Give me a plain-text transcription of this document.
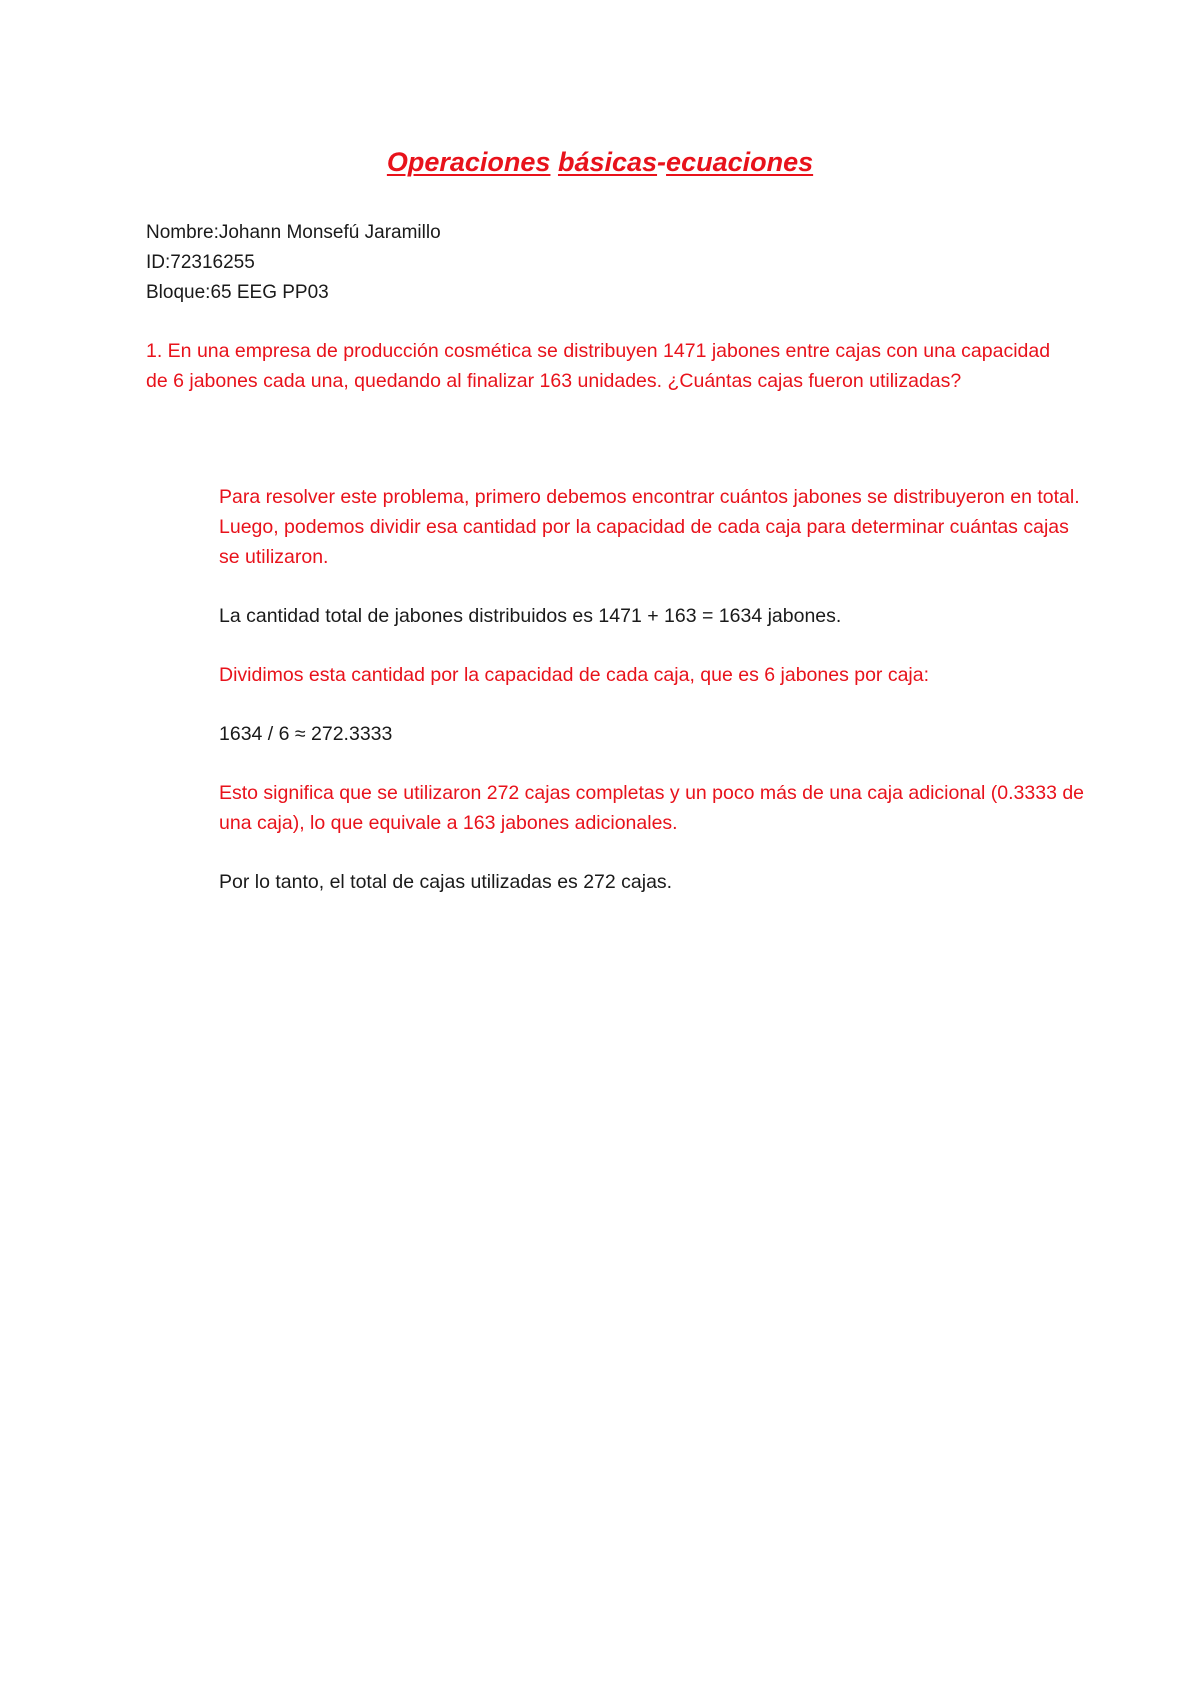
Operaciones básicas-ecuaciones
Nombre:Johann Monsefú Jaramillo
ID:72316255
Bloque:65 EEG PP03

1. En una empresa de producción cosmética se distribuyen 1471 jabones entre cajas con una capacidad de 6 jabones cada una, quedando al finalizar 163 unidades. ¿Cuántas cajas fueron utilizadas?

Para resolver este problema, primero debemos encontrar cuántos jabones se distribuyeron en total. Luego, podemos dividir esa cantidad por la capacidad de cada caja para determinar cuántas cajas se utilizaron.

La cantidad total de jabones distribuidos es 1471 + 163 = 1634 jabones.

Dividimos esta cantidad por la capacidad de cada caja, que es 6 jabones por caja:

1634 / 6 ≈ 272.3333

Esto significa que se utilizaron 272 cajas completas y un poco más de una caja adicional (0.3333 de una caja), lo que equivale a 163 jabones adicionales.

Por lo tanto, el total de cajas utilizadas es 272 cajas.
